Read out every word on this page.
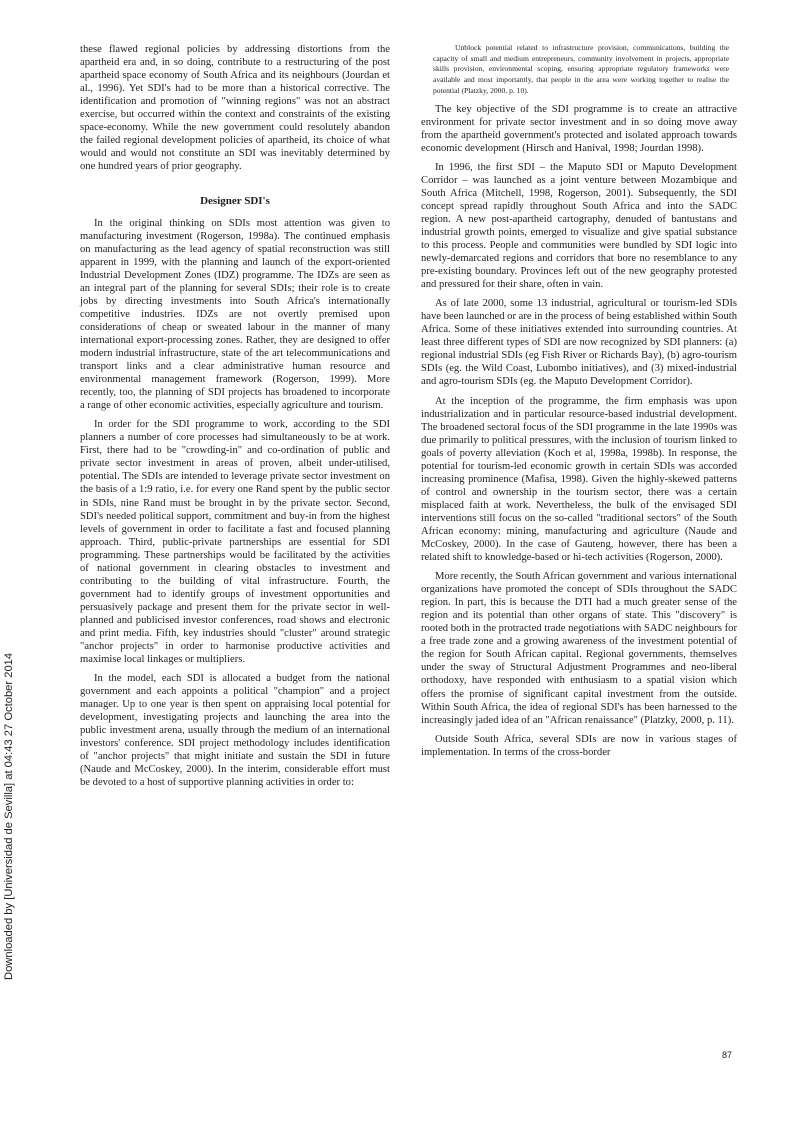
Downloaded by [Universidad de Sevilla] at 04:43 27 October 2014

these flawed regional policies by addressing distortions from the apartheid era and, in so doing, contribute to a restructuring of the post apartheid space economy of South Africa and its neighbours (Jourdan et al., 1996). Yet SDI's had to be more than a historical corrective. The identification and promotion of "winning regions" was not an abstract exercise, but occurred within the context and constraints of the existing space-economy. While the new government could resolutely abandon the failed regional development policies of apartheid, its choice of what would and would not constitute an SDI was inevitably determined by one hundred years of prior geography.

Designer SDI's

In the original thinking on SDIs most attention was given to manufacturing investment (Rogerson, 1998a). The continued emphasis on manufacturing as the lead agency of spatial reconstruction was still apparent in 1999, with the planning and launch of the export-oriented Industrial Development Zones (IDZ) programme. The IDZs are seen as an integral part of the planning for several SDIs; their role is to create jobs by directing investments into South Africa's internationally competitive industries. IDZs are not overtly premised upon considerations of cheap or sweated labour in the manner of many international export-processing zones. Rather, they are designed to offer modern industrial infrastructure, state of the art telecommunications and transport links and a clear administrative human resource and environmental management framework (Rogerson, 1999). More recently, too, the planning of SDI projects has broadened to incorporate a range of other economic activities, especially agriculture and tourism.

In order for the SDI programme to work, according to the SDI planners a number of core processes had simultaneously to be at work. First, there had to be "crowding-in" and co-ordination of public and private sector investment in areas of proven, albeit under-utilised, potential. The SDIs are intended to leverage private sector investment on the basis of a 1:9 ratio, i.e. for every one Rand spent by the public sector in SDIs, nine Rand must be brought in by the private sector. Second, SDI's needed political support, commitment and buy-in from the highest levels of government in order to facilitate a fast and focused planning approach. Third, public-private partnerships are essential for SDI programming. These partnerships would be facilitated by the activities of national government in clearing obstacles to investment and contributing to the building of vital infrastructure. Fourth, the government had to identify groups of investment opportunities and persuasively package and present them for the private sector in well-planned and publicised investor conferences, road shows and electronic and print media. Fifth, key industries should "cluster" around strategic "anchor projects" in order to harmonise productive activities and maximise local linkages or multipliers.

In the model, each SDI is allocated a budget from the national government and each appoints a political "champion" and a project manager. Up to one year is then spent on appraising local potential for development, investigating projects and launching the area into the public investment arena, usually through the medium of an international investors' conference. SDI project methodology includes identification of "anchor projects" that might initiate and sustain the SDI in future (Naude and McCoskey, 2000). In the interim, considerable effort must be devoted to a host of supportive planning activities in order to:

Unblock potential related to infrastructure provision, communications, building the capacity of small and medium entrepreneurs, community involvement in projects, appropriate skills provision, environmental scoping, ensuring appropriate regulatory frameworks were available and most importantly, that people in the area were working together to realise the potential (Platzky, 2000, p. 10).

The key objective of the SDI programme is to create an attractive environment for private sector investment and in so doing move away from the apartheid government's protected and isolated approach towards economic development (Hirsch and Hanival, 1998; Jourdan 1998).

In 1996, the first SDI – the Maputo SDI or Maputo Development Corridor – was launched as a joint venture between Mozambique and South Africa (Mitchell, 1998, Rogerson, 2001). Subsequently, the SDI concept spread rapidly throughout South Africa and into the SADC region. A new post-apartheid cartography, denuded of bantustans and industrial growth points, emerged to visualize and give spatial substance to this process. People and communities were bundled by SDI logic into newly-demarcated regions and corridors that bore no resemblance to any pre-existing boundary. Provinces left out of the new geography protested and pressured for their share, often in vain.

As of late 2000, some 13 industrial, agricultural or tourism-led SDIs have been launched or are in the process of being established within South Africa. Some of these initiatives extended into surrounding countries. At least three different types of SDI are now recognized by SDI planners: (a) regional industrial SDIs (eg Fish River or Richards Bay), (b) agro-tourism SDIs (eg. the Wild Coast, Lubombo initiatives), and (3) mixed-industrial and agro-tourism SDIs (eg. the Maputo Development Corridor).

At the inception of the programme, the firm emphasis was upon industrialization and in particular resource-based industrial development. The broadened sectoral focus of the SDI programme in the late 1990s was due primarily to political pressures, with the inclusion of tourism linked to goals of poverty alleviation (Koch et al, 1998a, 1998b). In response, the potential for tourism-led economic growth in certain SDIs was accorded increasing prominence (Mafisa, 1998). Given the highly-skewed patterns of control and ownership in the tourism sector, there was a certain misplaced faith at work. Nevertheless, the bulk of the envisaged SDI interventions still focus on the so-called "traditional sectors" of the South African economy: mining, manufacturing and agriculture (Naude and McCoskey, 2000). In the case of Gauteng, however, there has been a related shift to knowledge-based or hi-tech activities (Rogerson, 2000).

More recently, the South African government and various international organizations have promoted the concept of SDIs throughout the SADC region. In part, this is because the DTI had a much greater sense of the region and its potential than other organs of state. This "discovery" is rooted both in the protracted trade negotiations with SADC neighbours for a free trade zone and a growing awareness of the investment potential of the region for South African capital. Regional governments, themselves under the sway of Structural Adjustment Programmes and neo-liberal orthodoxy, have responded with enthusiasm to a spatial vision which offers the promise of significant capital investment from the outside. Within South Africa, the idea of regional SDI's has been harnessed to the increasingly jaded idea of an "African renaissance" (Platzky, 2000, p. 11).

Outside South Africa, several SDIs are now in various stages of implementation. In terms of the cross-border

87
